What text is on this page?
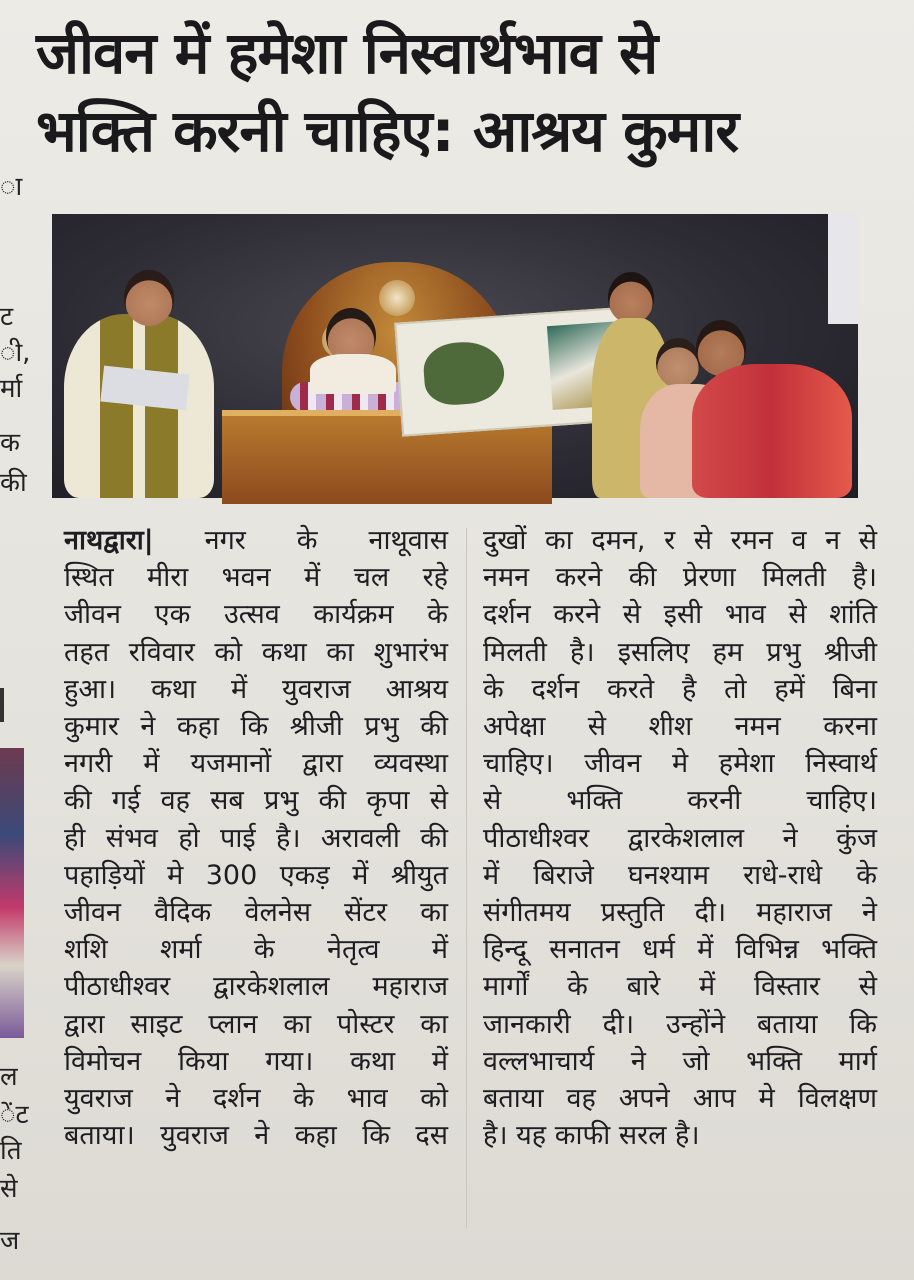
ा
ट
ी,
र्मा
क
की
ल
ेंट
ति
से
ज
जीवन में हमेशा निस्वार्थभाव से
भक्ति करनी चाहिए: आश्रय कुमार
नाथद्वारा| नगर के नाथूवास
स्थित मीरा भवन में चल रहे
जीवन एक उत्सव कार्यक्रम के
तहत रविवार को कथा का शुभारंभ
हुआ। कथा में युवराज आश्रय
कुमार ने कहा कि श्रीजी प्रभु की
नगरी में यजमानों द्वारा व्यवस्था
की गई वह सब प्रभु की कृपा से
ही संभव हो पाई है। अरावली की
पहाड़ियों मे 300 एकड़ में श्रीयुत
जीवन वैदिक वेलनेस सेंटर का
शशि शर्मा के नेतृत्व में
पीठाधीश्वर द्वारकेशलाल महाराज
द्वारा साइट प्लान का पोस्टर का
विमोचन किया गया। कथा में
युवराज ने दर्शन के भाव को
बताया। युवराज ने कहा कि दस
दुखों का दमन, र से रमन व न से
नमन करने की प्रेरणा मिलती है।
दर्शन करने से इसी भाव से शांति
मिलती है। इसलिए हम प्रभु श्रीजी
के दर्शन करते है तो हमें बिना
अपेक्षा से शीश नमन करना
चाहिए। जीवन मे हमेशा निस्वार्थ
से भक्ति करनी चाहिए।
पीठाधीश्वर द्वारकेशलाल ने कुंज
में बिराजे घनश्याम राधे-राधे के
संगीतमय प्रस्तुति दी। महाराज ने
हिन्दू सनातन धर्म में विभिन्न भक्ति
मार्गों के बारे में विस्तार से
जानकारी दी। उन्होंने बताया कि
वल्लभाचार्य ने जो भक्ति मार्ग
बताया वह अपने आप मे विलक्षण
है। यह काफी सरल है।
